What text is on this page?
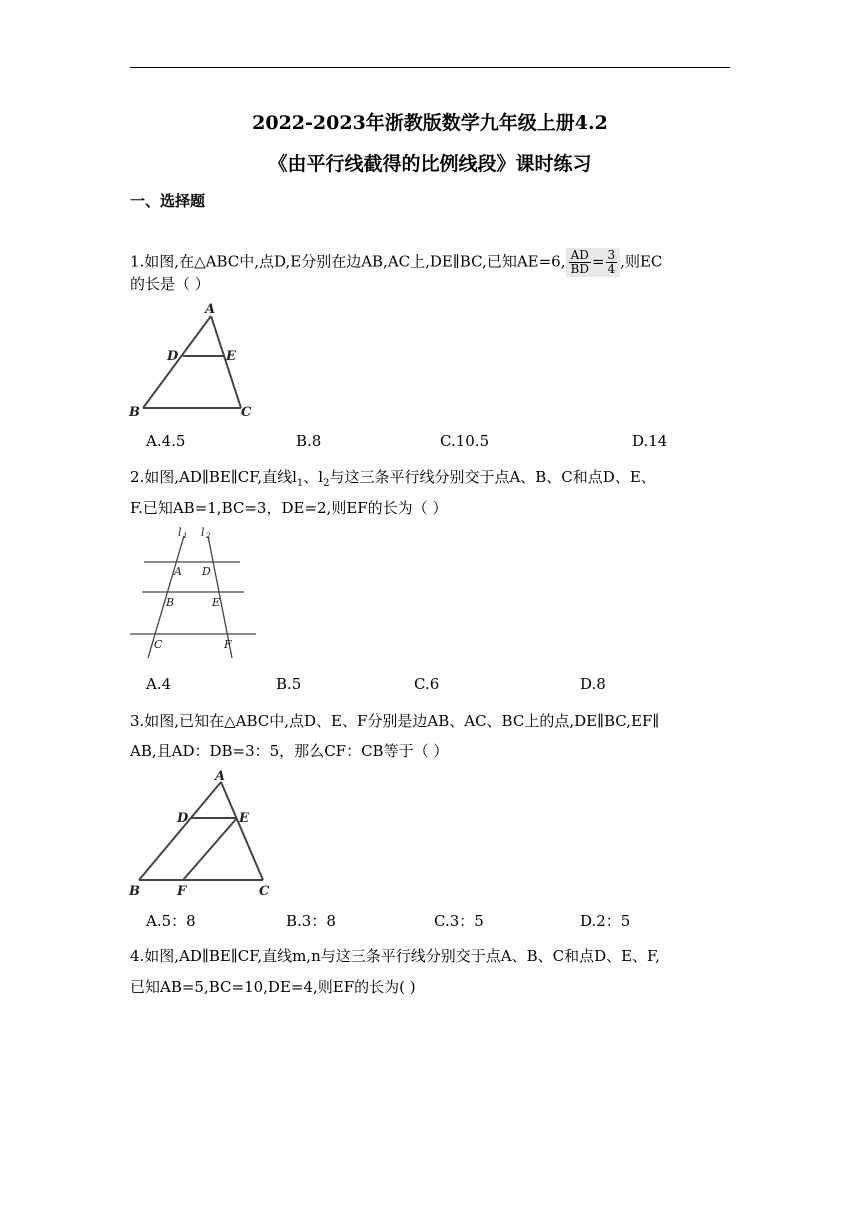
2022-2023年浙教版数学九年级上册4.2
《由平行线截得的比例线段》课时练习
一、选择题
1.如图,在△ABC中,点D,E分别在边AB,AC上,DE∥BC,已知AE=6, $\frac{AD}{BD} = \frac{3}{4}$ ,则EC
的长是（ ）
A
D	E
B	C
A.4.5	B.8	C.10.5	D.14
2.如图,AD∥BE∥CF,直线$l_1$、$l_2$与这三条平行线分别交于点A、B、C和点D、E、
F.已知AB=1,BC=3，DE=2,则EF的长为（ ）
l 1 l 2
A D
B	E
C	F
A.4	B.5	C.6	D.8
3.如图,已知在△ABC中,点D、E、F分别是边AB、AC、BC上的点,DE∥BC,EF∥
AB,且AD：DB=3：5，那么CF：CB等于（ ）
A
D	E
B	F	C
A.5：8	B.3：8	C.3：5	D.2：5
4.如图,AD∥BE∥CF,直线m,n与这三条平行线分别交于点A、B、C和点D、E、F,
已知AB=5,BC=10,DE=4,则EF的长为( )
